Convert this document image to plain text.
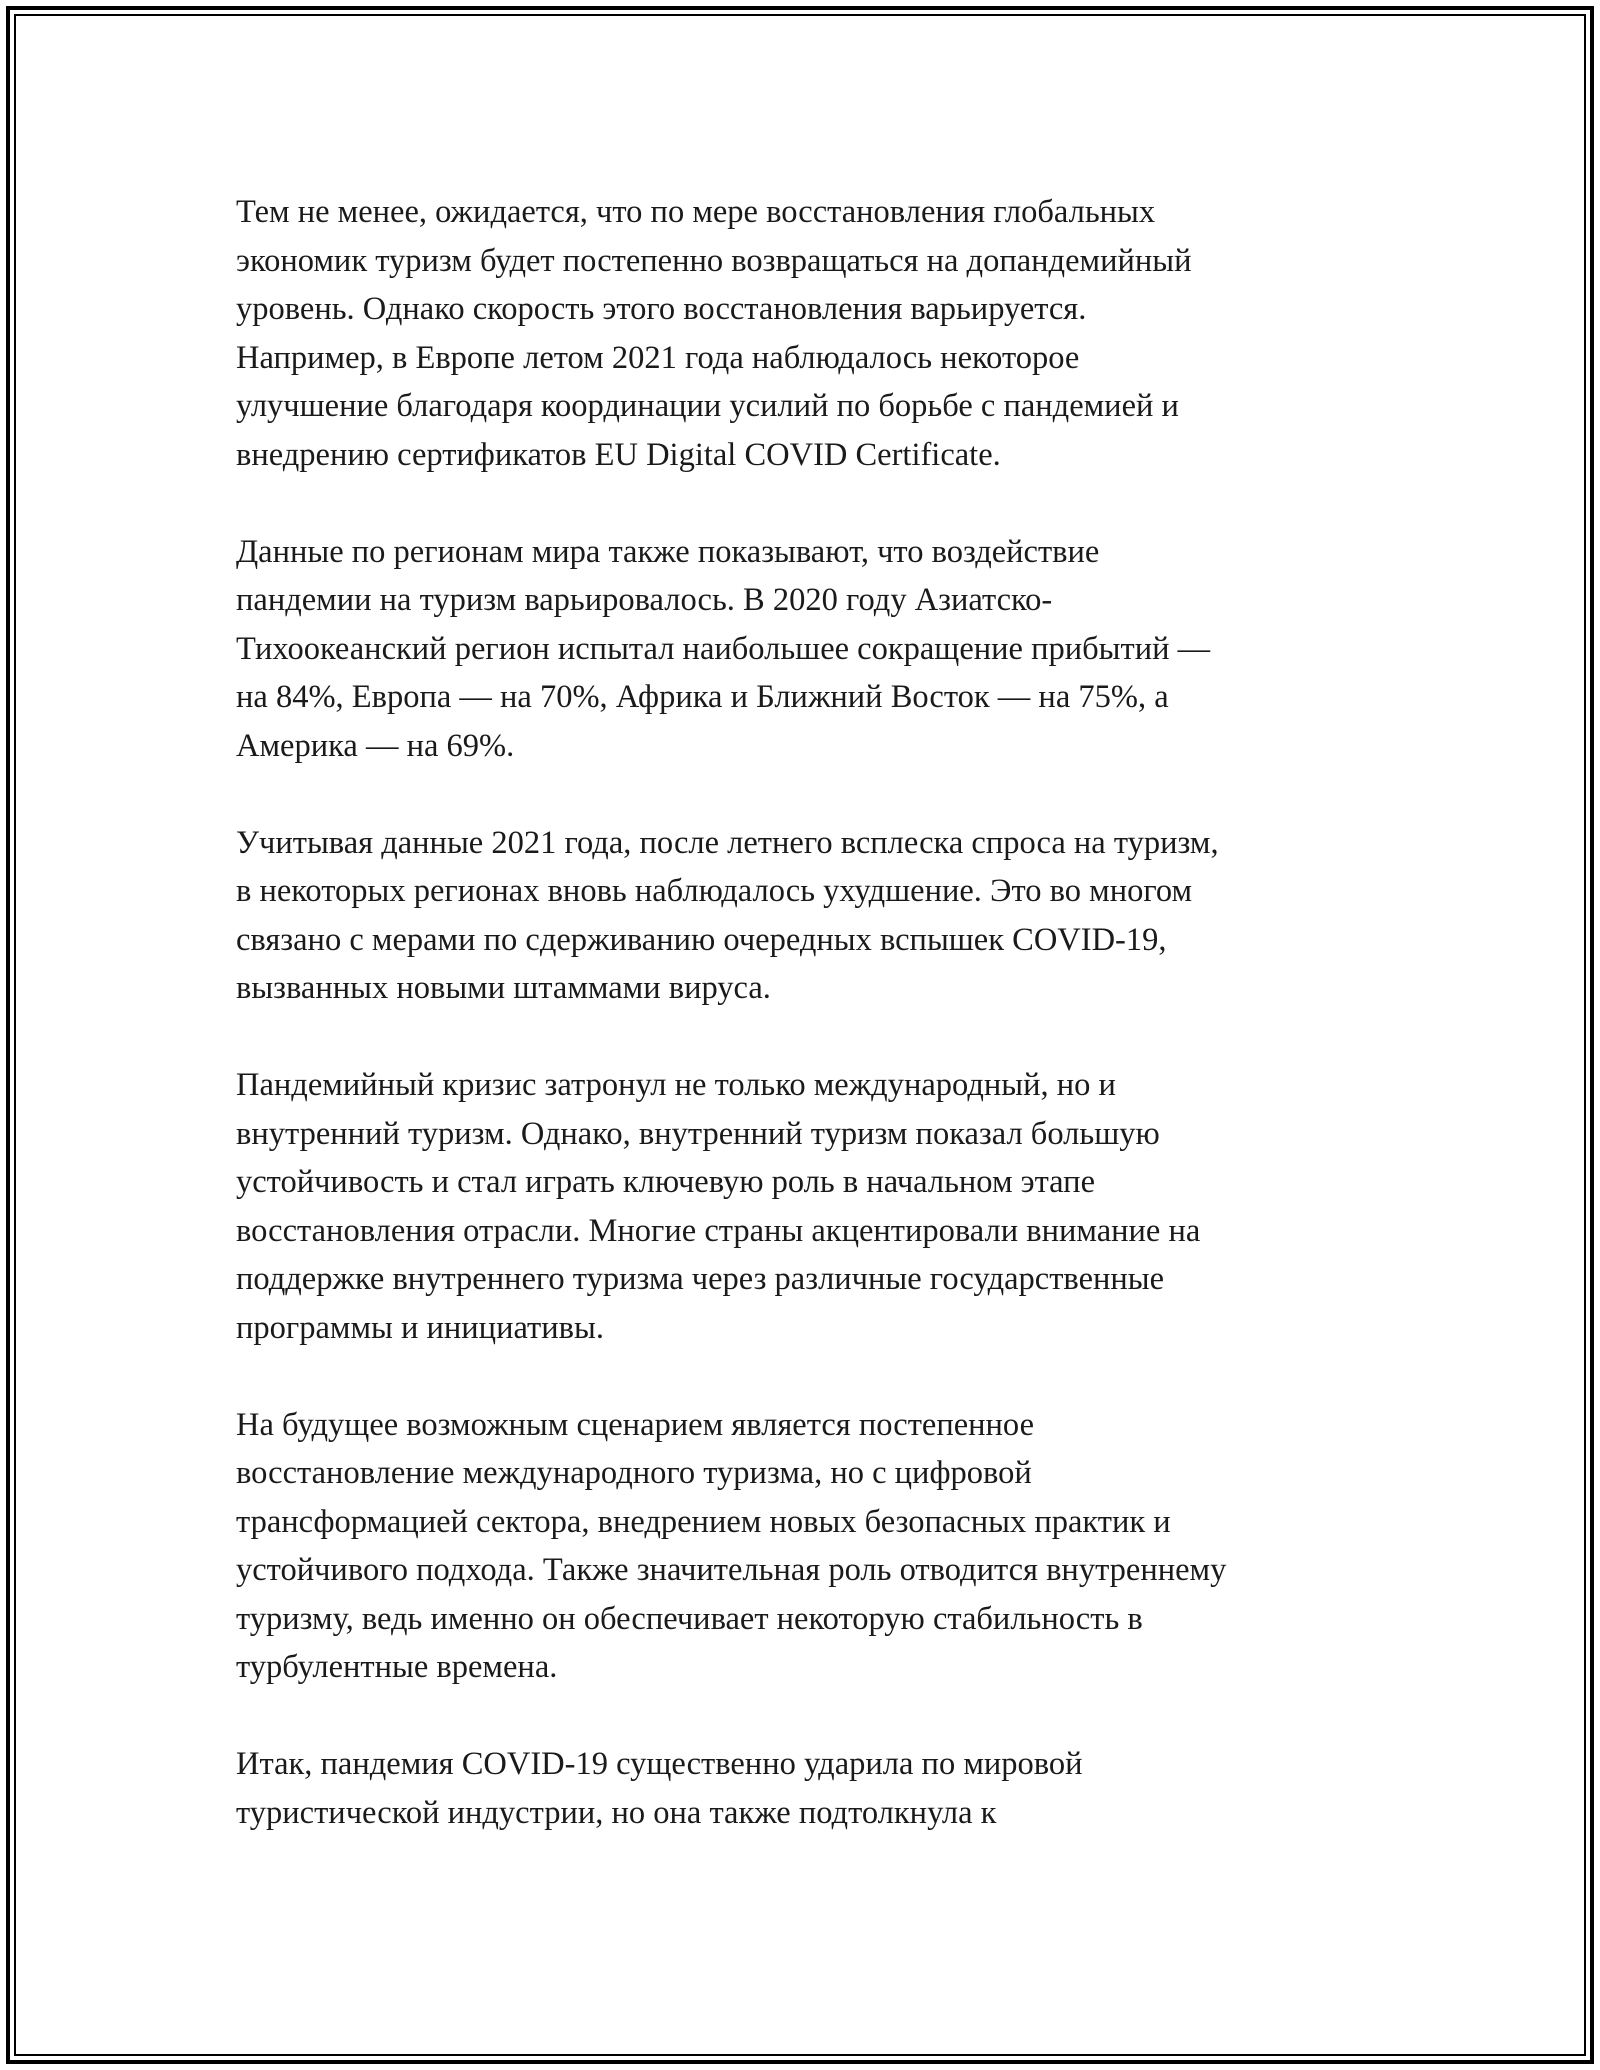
Тем не менее, ожидается, что по мере восстановления глобальных
экономик туризм будет постепенно возвращаться на допандемийный
уровень. Однако скорость этого восстановления варьируется.
Например, в Европе летом 2021 года наблюдалось некоторое
улучшение благодаря координации усилий по борьбе с пандемией и
внедрению сертификатов EU Digital COVID Certificate.

Данные по регионам мира также показывают, что воздействие
пандемии на туризм варьировалось. В 2020 году Азиатско-
Тихоокеанский регион испытал наибольшее сокращение прибытий —
на 84%, Европа — на 70%, Африка и Ближний Восток — на 75%, а
Америка — на 69%.

Учитывая данные 2021 года, после летнего всплеска спроса на туризм,
в некоторых регионах вновь наблюдалось ухудшение. Это во многом
связано с мерами по сдерживанию очередных вспышек COVID-19,
вызванных новыми штаммами вируса.

Пандемийный кризис затронул не только международный, но и
внутренний туризм. Однако, внутренний туризм показал большую
устойчивость и стал играть ключевую роль в начальном этапе
восстановления отрасли. Многие страны акцентировали внимание на
поддержке внутреннего туризма через различные государственные
программы и инициативы.

На будущее возможным сценарием является постепенное
восстановление международного туризма, но с цифровой
трансформацией сектора, внедрением новых безопасных практик и
устойчивого подхода. Также значительная роль отводится внутреннему
туризму, ведь именно он обеспечивает некоторую стабильность в
турбулентные времена.

Итак, пандемия COVID-19 существенно ударила по мировой
туристической индустрии, но она также подтолкнула к
